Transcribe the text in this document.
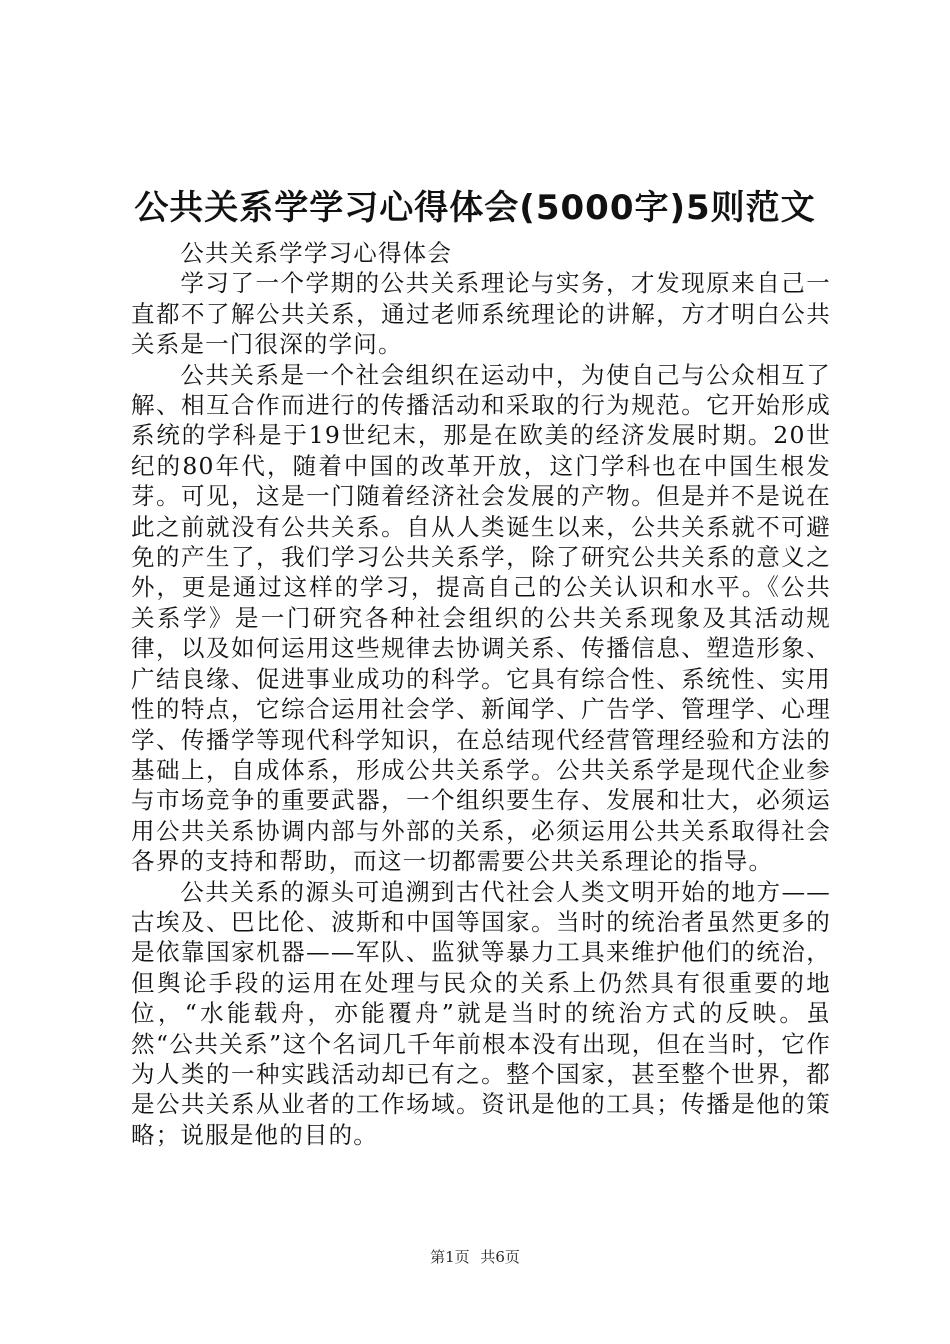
公共关系学学习心得体会(5000字)5则范文

公共关系学学习心得体会

学习了一个学期的公共关系理论与实务，才发现原来自己一直都不了解公共关系，通过老师系统理论的讲解，方才明白公共关系是一门很深的学问。

公共关系是一个社会组织在运动中，为使自己与公众相互了解、相互合作而进行的传播活动和采取的行为规范。它开始形成系统的学科是于19世纪末，那是在欧美的经济发展时期。20世纪的80年代，随着中国的改革开放，这门学科也在中国生根发芽。可见，这是一门随着经济社会发展的产物。但是并不是说在此之前就没有公共关系。自从人类诞生以来，公共关系就不可避免的产生了，我们学习公共关系学，除了研究公共关系的意义之外，更是通过这样的学习，提高自己的公关认识和水平。《公共关系学》是一门研究各种社会组织的公共关系现象及其活动规律，以及如何运用这些规律去协调关系、传播信息、塑造形象、广结良缘、促进事业成功的科学。它具有综合性、系统性、实用性的特点，它综合运用社会学、新闻学、广告学、管理学、心理学、传播学等现代科学知识，在总结现代经营管理经验和方法的基础上，自成体系，形成公共关系学。公共关系学是现代企业参与市场竞争的重要武器，一个组织要生存、发展和壮大，必须运用公共关系协调内部与外部的关系，必须运用公共关系取得社会各界的支持和帮助，而这一切都需要公共关系理论的指导。

公共关系的源头可追溯到古代社会人类文明开始的地方——古埃及、巴比伦、波斯和中国等国家。当时的统治者虽然更多的是依靠国家机器——军队、监狱等暴力工具来维护他们的统治，但舆论手段的运用在处理与民众的关系上仍然具有很重要的地位，“水能载舟，亦能覆舟”就是当时的统治方式的反映。虽然“公共关系”这个名词几千年前根本没有出现，但在当时，它作为人类的一种实践活动却已有之。整个国家，甚至整个世界，都是公共关系从业者的工作场域。资讯是他的工具；传播是他的策略；说服是他的目的。

第1页 共6页
